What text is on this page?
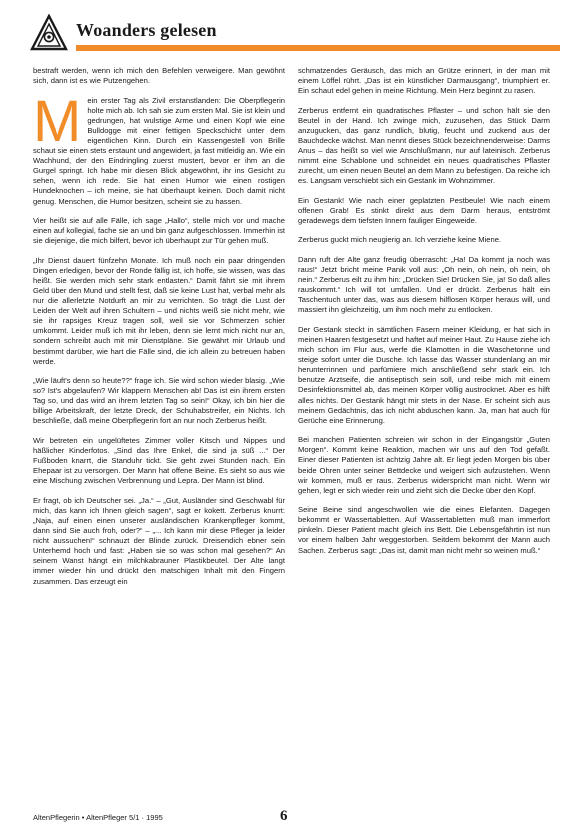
Woanders gelesen

bestraft werden, wenn ich mich den Befehlen verweigere. Man gewöhnt sich, dann ist es wie Putzengehen.

Mein erster Tag als Zivil erstanstlanden: Die Oberpflegerin holte mich ab. Ich sah sie zum ersten Mal. Sie ist klein und gedrungen, hat wulstige Arme und einen Kopf wie eine Bulldogge mit einer fettigen Speckschicht unter dem eigentlichen Kinn. Durch ein Kassengestell von Brille schaut sie einen stets erstaunt und angewidert, ja fast mitleidig an. Wie ein Wachhund, der den Eindringling zuerst mustert, bevor er ihm an die Gurgel springt. Ich habe mir diesen Blick abgewöhnt, ihr ins Gesicht zu sehen, wenn ich rede. Sie hat einen Humor wie einen rostigen Hundeknochen – ich meine, sie hat überhaupt keinen. Doch damit nicht genug. Menschen, die Humor besitzen, scheint sie zu hassen.

Vier heißt sie auf alle Fälle, ich sage „Hallo“, stelle mich vor und mache einen auf kollegial, fache sie an und bin ganz aufgeschlossen. Immerhin ist sie diejenige, die mich bilfert, bevor ich überhaupt zur Tür gehen muß.

„Ihr Dienst dauert fünfzehn Monate. Ich muß noch ein paar dringenden Dingen erledigen, bevor der Ronde fällig ist, ich hoffe, sie wissen, was das heißt. Sie werden mich sehr stark entlasten.“ Damit fährt sie mit ihrem Geld über den Mund und stellt fest, daß sie keine Lust hat, verbal mehr als nur die allerletzte Notdurft an mir zu verrichten. So trägt die Lust der Leiden der Welt auf ihren Schultern – und nichts weiß sie nicht mehr, wie sie ihr rapsiges Kreuz tragen soll, weil sie vor Schmerzen schier umkommt. Leider muß ich mit ihr leben, denn sie lernt mich nicht nur an, sondern schreibt auch mit mir Dienstpläne. Sie gewährt mir Urlaub und bestimmt darüber, wie hart die Fälle sind, die ich allein zu betreuen haben werde.

„Wie läuft's denn so heute??“ frage ich. Sie wird schon wieder blasig. „Wie so? Ist's abgelaufen? Wir klappern Menschen ab! Das ist ein ihrem ersten Tag so, und das wird an ihrem letzten Tag so sein!“ Okay, ich bin hier die billige Arbeitskraft, der letzte Dreck, der Schuhabstreifer, ein Nichts. Ich beschließe, daß meine Oberpflegerin fort an nur noch Zerberus heißt.

Wir betreten ein ungelüftetes Zimmer voller Kitsch und Nippes und häßlicher Kinderfotos. „Sind das Ihre Enkel, die sind ja süß ...“ Der Fußboden knarrt, die Standuhr tickt. Sie geht zwei Stunden nach. Ein Ehepaar ist zu versorgen. Der Mann hat offene Beine. Es sieht so aus wie eine Mischung zwischen Verbrennung und Lepra. Der Mann ist blind.

Er fragt, ob ich Deutscher sei. „Ja.“ – „Gut, Ausländer sind Geschwabl für mich, das kann ich Ihnen gleich sagen“, sagt er kokett. Zerberus knurrt: „Naja, auf einen einen unserer ausländischen Krankenpfleger kommt, dann sind Sie auch froh, oder?“ – „... Ich kann mir diese Pfleger ja leider nicht aussuchen!“ schnauzt der Blinde zurück. Dreisendich ebner sein Unterhemd hoch und fast: „Haben sie so was schon mal gesehen?“ An seinem Wanst hängt ein milchkabrauner Plastikbeutel. Der Alte langt immer wieder hin und drückt den matschigen Inhalt mit den Fingern zusammen. Das erzeugt ein

schmatzendes Geräusch, das mich an Grütze erinnert, in der man mit einem Löffel rührt. „Das ist ein künstlicher Darmausgang“, triumphiert er. Ein schaut edel gehen in meine Richtung. Mein Herz beginnt zu rasen.

Zerberus entfernt ein quadratisches Pflaster – und schon hält sie den Beutel in der Hand. Ich zwinge mich, zuzusehen, das Stück Darm anzugucken, das ganz rundlich, blutig, feucht und zuckend aus der Bauchdecke wächst. Man nennt dieses Stück bezeichnenderweise: Darms Anus – das heißt so viel wie Anschlußmann, nur auf lateinisch. Zerberus nimmt eine Schablone und schneidet ein neues quadratisches Pflaster zurecht, um einen neuen Beutel an dem Mann zu befestigen. Da reiche ich es. Langsam verschiebt sich ein Gestank im Wohnzimmer.

Ein Gestank! Wie nach einer geplatzten Pestbeule! Wie nach einem offenen Grab! Es stinkt direkt aus dem Darm heraus, entströmt geradewegs dem tiefsten Innern fauliger Eingeweide.

Zerberus guckt mich neugierig an. Ich verziehe keine Miene.

Dann ruft der Alte ganz freudig überrascht: „Ha! Da kommt ja noch was raus!“ Jetzt bricht meine Panik voll aus: „Oh nein, oh nein, oh nein, oh nein.“ Zerberus eilt zu ihm hin: „Drücken Sie! Drücken Sie, ja! So daß alles rauskommt.“ Ich will tot umfallen. Und er drückt. Zerberus hält ein Taschentuch unter das, was aus diesem hilflosen Körper heraus will, und massiert ihn gleichzeitig, um ihm noch mehr zu entlocken.

Der Gestank steckt in sämtlichen Fasern meiner Kleidung, er hat sich in meinen Haaren festgesetzt und haftet auf meiner Haut. Zu Hause ziehe ich mich schon im Flur aus, werfe die Klamotten in die Waschetonne und steige sofort unter die Dusche. Ich lasse das Wasser stundenlang an mir herunterrinnen und parfümiere mich anschließend sehr stark ein. Ich benutze Arztseife, die antiseptisch sein soll, und reibe mich mit einem Desinfektionsmittel ab, das meinen Körper völlig austrocknet. Aber es hilft alles nichts. Der Gestank hängt mir stets in der Nase. Er scheint sich aus meinem Gedächtnis, das ich nicht abduschen kann. Ja, man hat auch für Gerüche eine Erinnerung.

Bei manchen Patienten schreien wir schon in der Eingangstür „Guten Morgen“. Kommt keine Reaktion, machen wir uns auf den Tod gefaßt. Einer dieser Patienten ist achtzig Jahre alt. Er liegt jeden Morgen bis über beide Ohren unter seiner Bettdecke und weigert sich aufzustehen. Wenn wir kommen, muß er raus. Zerberus widerspricht man nicht. Wenn wir gehen, legt er sich wieder rein und zieht sich die Decke über den Kopf.

Seine Beine sind angeschwollen wie die eines Elefanten. Dagegen bekommt er Wassertabletten. Auf Wassertabletten muß man immerfort pinkeln. Dieser Patient macht gleich ins Bett. Die Lebensgefährtin ist nun vor einem halben Jahr weggestorben. Seitdem bekommt der Mann auch Sachen. Zerberus sagt: „Das ist, damit man nicht mehr so weinen muß.“

AltenPflegerin • AltenPfleger 5/1 · 1995	6
